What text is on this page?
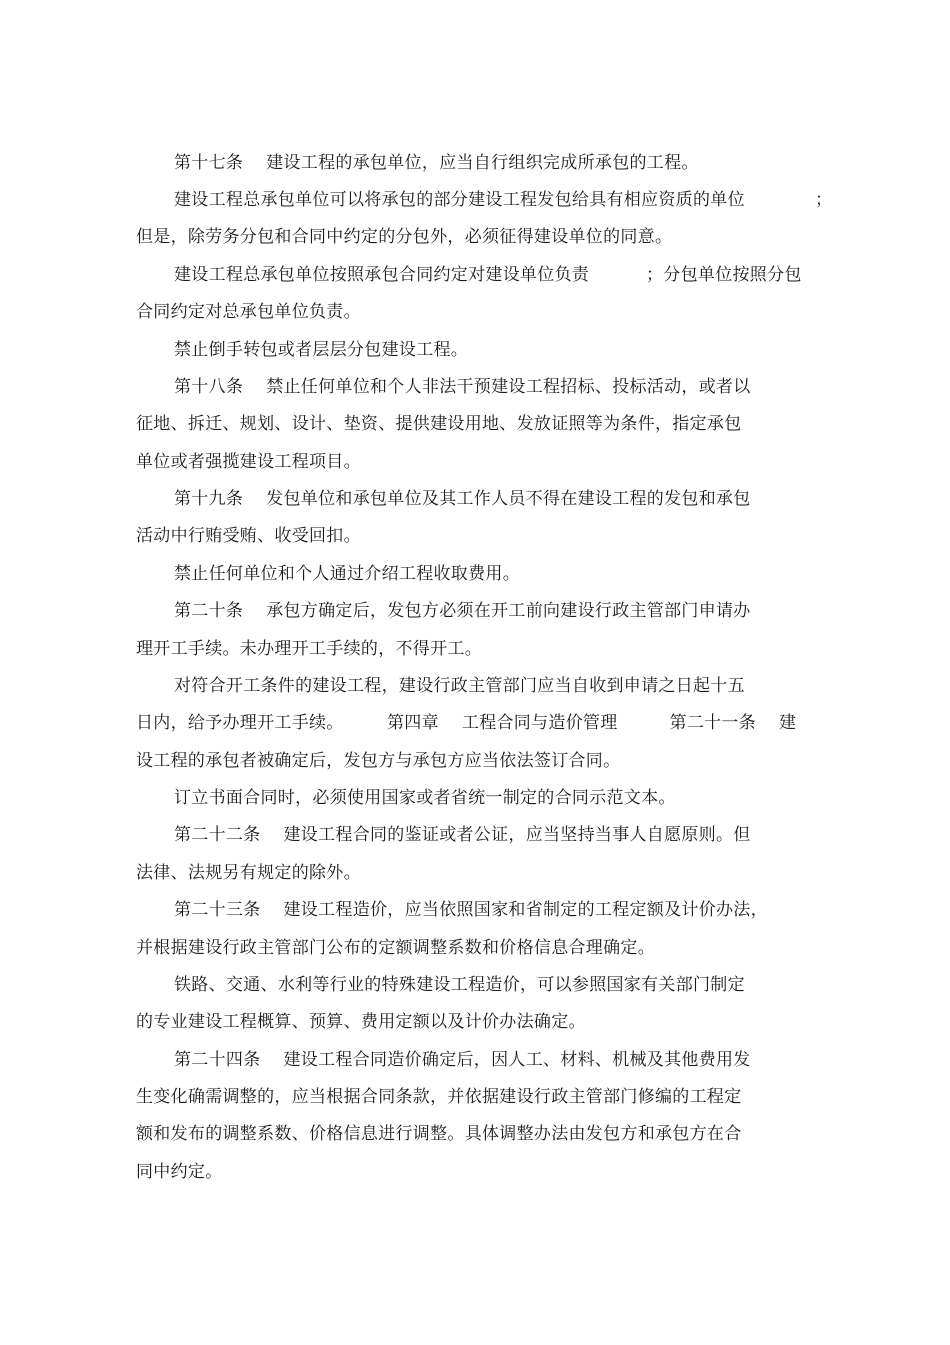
第十七条　 建设工程的承包单位，应当自行组织完成所承包的工程。
建设工程总承包单位可以将承包的部分建设工程发包给具有相应资质的单位	；
但是，除劳务分包和合同中约定的分包外，必须征得建设单位的同意。
建设工程总承包单位按照承包合同约定对建设单位负责	；分包单位按照分包
合同约定对总承包单位负责。
禁止倒手转包或者层层分包建设工程。
第十八条　 禁止任何单位和个人非法干预建设工程招标、投标活动，或者以
征地、拆迁、规划、设计、垫资、提供建设用地、发放证照等为条件，指定承包
单位或者强揽建设工程项目。
第十九条　 发包单位和承包单位及其工作人员不得在建设工程的发包和承包
活动中行贿受贿、收受回扣。
禁止任何单位和个人通过介绍工程收取费用。
第二十条　 承包方确定后，发包方必须在开工前向建设行政主管部门申请办
理开工手续。未办理开工手续的，不得开工。
对符合开工条件的建设工程，建设行政主管部门应当自收到申请之日起十五
日内，给予办理开工手续。　　　第四章　 工程合同与造价管理　　　第二十一条　 建
设工程的承包者被确定后，发包方与承包方应当依法签订合同。
订立书面合同时，必须使用国家或者省统一制定的合同示范文本。
第二十二条　 建设工程合同的鉴证或者公证，应当坚持当事人自愿原则。但
法律、法规另有规定的除外。
第二十三条　 建设工程造价，应当依照国家和省制定的工程定额及计价办法，
并根据建设行政主管部门公布的定额调整系数和价格信息合理确定。
铁路、交通、水利等行业的特殊建设工程造价，可以参照国家有关部门制定
的专业建设工程概算、预算、费用定额以及计价办法确定。
第二十四条　 建设工程合同造价确定后，因人工、材料、机械及其他费用发
生变化确需调整的，应当根据合同条款，并依据建设行政主管部门修编的工程定
额和发布的调整系数、价格信息进行调整。具体调整办法由发包方和承包方在合
同中约定。
